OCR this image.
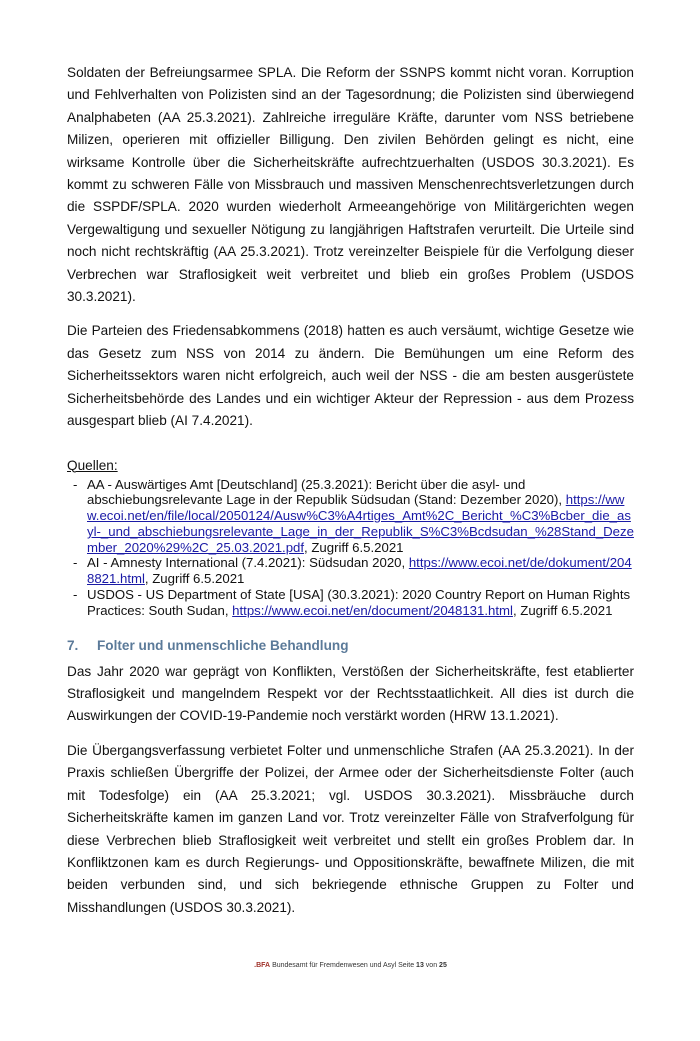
Soldaten der Befreiungsarmee SPLA. Die Reform der SSNPS kommt nicht voran. Korruption und Fehlverhalten von Polizisten sind an der Tagesordnung; die Polizisten sind überwiegend Analphabeten (AA 25.3.2021). Zahlreiche irreguläre Kräfte, darunter vom NSS betriebene Milizen, operieren mit offizieller Billigung. Den zivilen Behörden gelingt es nicht, eine wirksame Kontrolle über die Sicherheitskräfte aufrechtzuerhalten (USDOS 30.3.2021). Es kommt zu schweren Fälle von Missbrauch und massiven Menschenrechtsverletzungen durch die SSPDF/SPLA. 2020 wurden wiederholt Armeeangehörige von Militärgerichten wegen Vergewaltigung und sexueller Nötigung zu langjährigen Haftstrafen verurteilt. Die Urteile sind noch nicht rechtskräftig (AA 25.3.2021). Trotz vereinzelter Beispiele für die Verfolgung dieser Verbrechen war Straflosigkeit weit verbreitet und blieb ein großes Problem (USDOS 30.3.2021).

Die Parteien des Friedensabkommens (2018) hatten es auch versäumt, wichtige Gesetze wie das Gesetz zum NSS von 2014 zu ändern. Die Bemühungen um eine Reform des Sicherheitssektors waren nicht erfolgreich, auch weil der NSS - die am besten ausgerüstete Sicherheitsbehörde des Landes und ein wichtiger Akteur der Repression - aus dem Prozess ausgespart blieb (AI 7.4.2021).

Quellen:
- AA - Auswärtiges Amt [Deutschland] (25.3.2021): Bericht über die asyl- und abschiebungsrelevante Lage in der Republik Südsudan (Stand: Dezember 2020), https://www.ecoi.net/en/file/local/2050124/Ausw%C3%A4rtiges_Amt%2C_Bericht_%C3%Bcber_die_asyl-_und_abschiebungsrelevante_Lage_in_der_Republik_S%C3%Bcdsudan_%28Stand_Dezember_2020%29%2C_25.03.2021.pdf, Zugriff 6.5.2021
- AI - Amnesty International (7.4.2021): Südsudan 2020, https://www.ecoi.net/de/dokument/2048821.html, Zugriff 6.5.2021
- USDOS - US Department of State [USA] (30.3.2021): 2020 Country Report on Human Rights Practices: South Sudan, https://www.ecoi.net/en/document/2048131.html, Zugriff 6.5.2021
7. Folter und unmenschliche Behandlung

Das Jahr 2020 war geprägt von Konflikten, Verstößen der Sicherheitskräfte, fest etablierter Straflosigkeit und mangelndem Respekt vor der Rechtsstaatlichkeit. All dies ist durch die Auswirkungen der COVID-19-Pandemie noch verstärkt worden (HRW 13.1.2021).

Die Übergangsverfassung verbietet Folter und unmenschliche Strafen (AA 25.3.2021). In der Praxis schließen Übergriffe der Polizei, der Armee oder der Sicherheitsdienste Folter (auch mit Todesfolge) ein (AA 25.3.2021; vgl. USDOS 30.3.2021). Missbräuche durch Sicherheitskräfte kamen im ganzen Land vor. Trotz vereinzelter Fälle von Strafverfolgung für diese Verbrechen blieb Straflosigkeit weit verbreitet und stellt ein großes Problem dar. In Konfliktzonen kam es durch Regierungs- und Oppositionskräfte, bewaffnete Milizen, die mit beiden verbunden sind, und sich bekriegende ethnische Gruppen zu Folter und Misshandlungen (USDOS 30.3.2021).

.BFA Bundesamt für Fremdenwesen und Asyl Seite 13 von 25
